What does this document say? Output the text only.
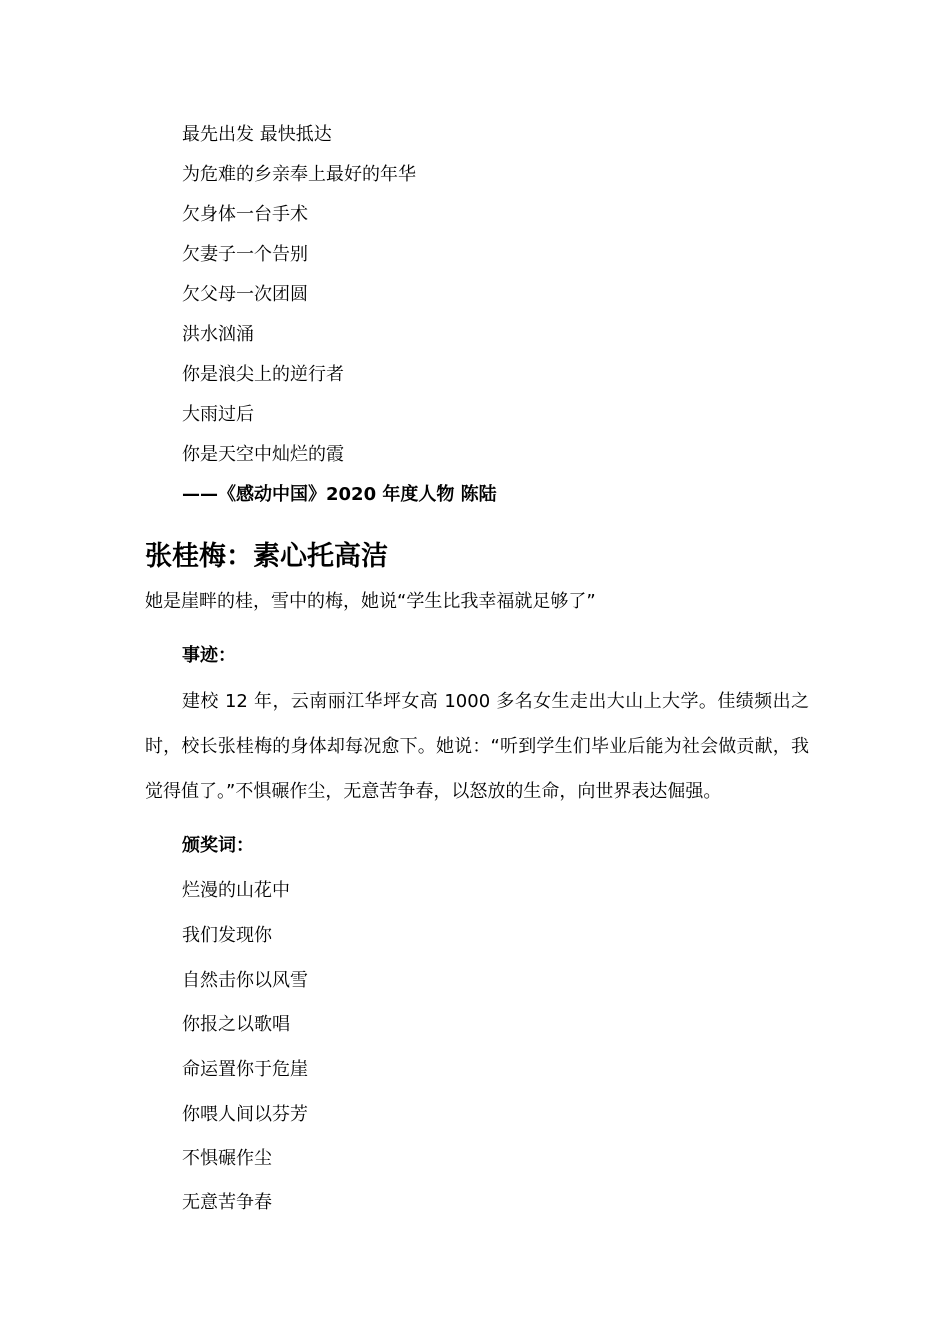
最先出发 最快抵达
为危难的乡亲奉上最好的年华
欠身体一台手术
欠妻子一个告别
欠父母一次团圆
洪水汹涌
你是浪尖上的逆行者
大雨过后
你是天空中灿烂的霞
——《感动中国》2020 年度人物 陈陆
张桂梅：素心托高洁
她是崖畔的桂，雪中的梅，她说“学生比我幸福就足够了”
事迹：

建校 12 年，云南丽江华坪女高 1000 多名女生走出大山上大学。佳绩频出之时，校长张桂梅的身体却每况愈下。她说：“听到学生们毕业后能为社会做贡献，我觉得值了。”不惧碾作尘，无意苦争春，以怒放的生命，向世界表达倔强。

颁奖词：
烂漫的山花中
我们发现你
自然击你以风雪
你报之以歌唱
命运置你于危崖
你喂人间以芬芳
不惧碾作尘
无意苦争春
